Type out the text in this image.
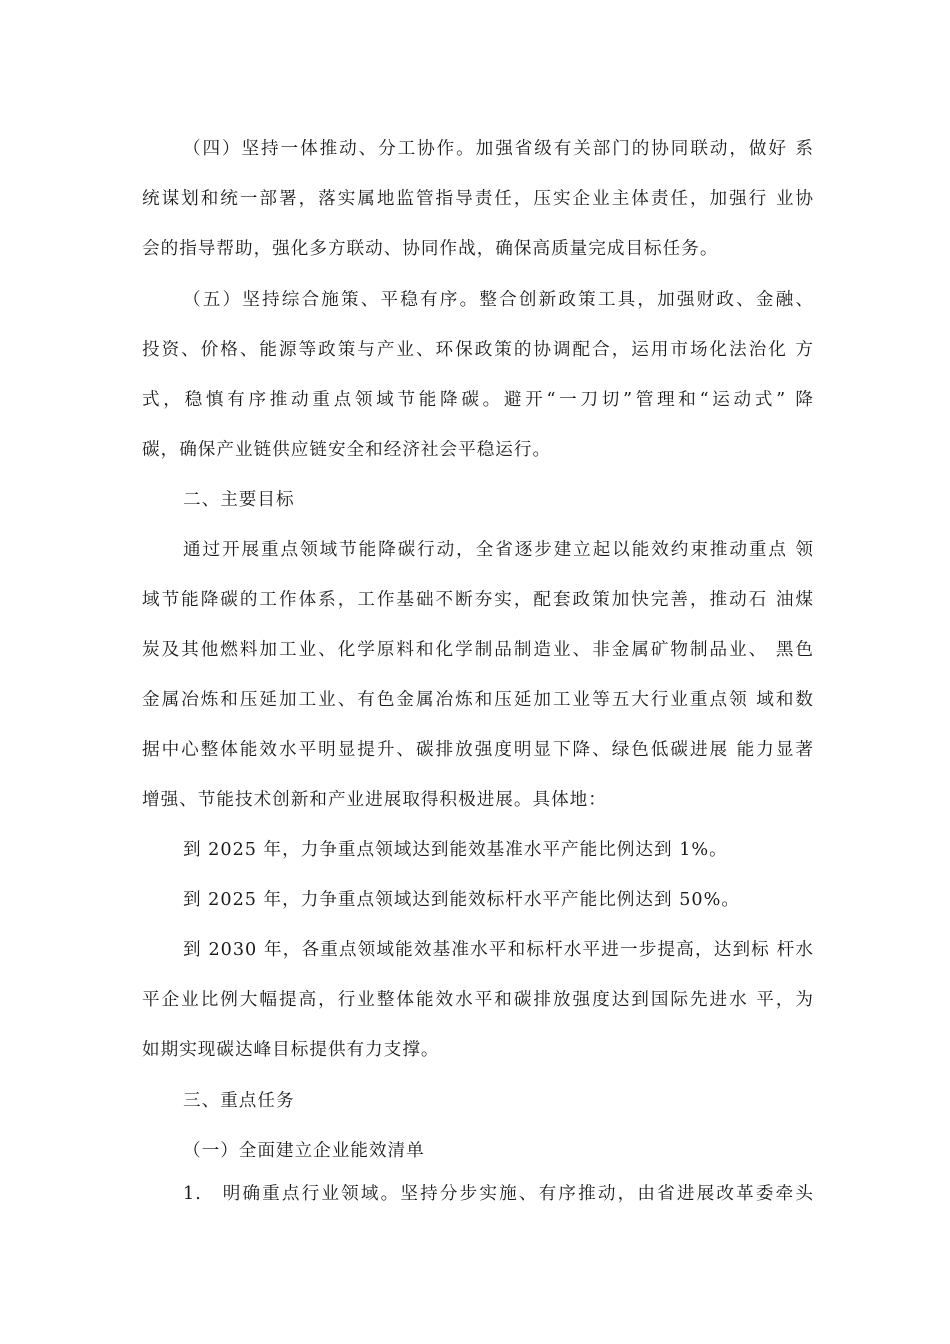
（四）坚持一体推动、分工协作。加强省级有关部门的协同联动，做好 系
统谋划和统一部署，落实属地监管指导责任，压实企业主体责任，加强行 业协
会的指导帮助，强化多方联动、协同作战，确保高质量完成目标任务。
（五）坚持综合施策、平稳有序。整合创新政策工具，加强财政、金融、
投资、价格、能源等政策与产业、环保政策的协调配合，运用市场化法治化 方
式，稳慎有序推动重点领域节能降碳。避开“一刀切”管理和“运动式” 降
碳，确保产业链供应链安全和经济社会平稳运行。
二、主要目标
通过开展重点领域节能降碳行动，全省逐步建立起以能效约束推动重点 领
域节能降碳的工作体系，工作基础不断夯实，配套政策加快完善，推动石 油煤
炭及其他燃料加工业、化学原料和化学制品制造业、非金属矿物制品业、 黑色
金属冶炼和压延加工业、有色金属冶炼和压延加工业等五大行业重点领 域和数
据中心整体能效水平明显提升、碳排放强度明显下降、绿色低碳进展 能力显著
增强、节能技术创新和产业进展取得积极进展。具体地：
到 2025 年，力争重点领域达到能效基准水平产能比例达到 1%。
到 2025 年，力争重点领域达到能效标杆水平产能比例达到 50%。
到 2030 年，各重点领域能效基准水平和标杆水平进一步提高，达到标 杆水
平企业比例大幅提高，行业整体能效水平和碳排放强度达到国际先进水 平，为
如期实现碳达峰目标提供有力支撑。
三、重点任务
（一）全面建立企业能效清单
1.　明确重点行业领域。坚持分步实施、有序推动，由省进展改革委牵头
